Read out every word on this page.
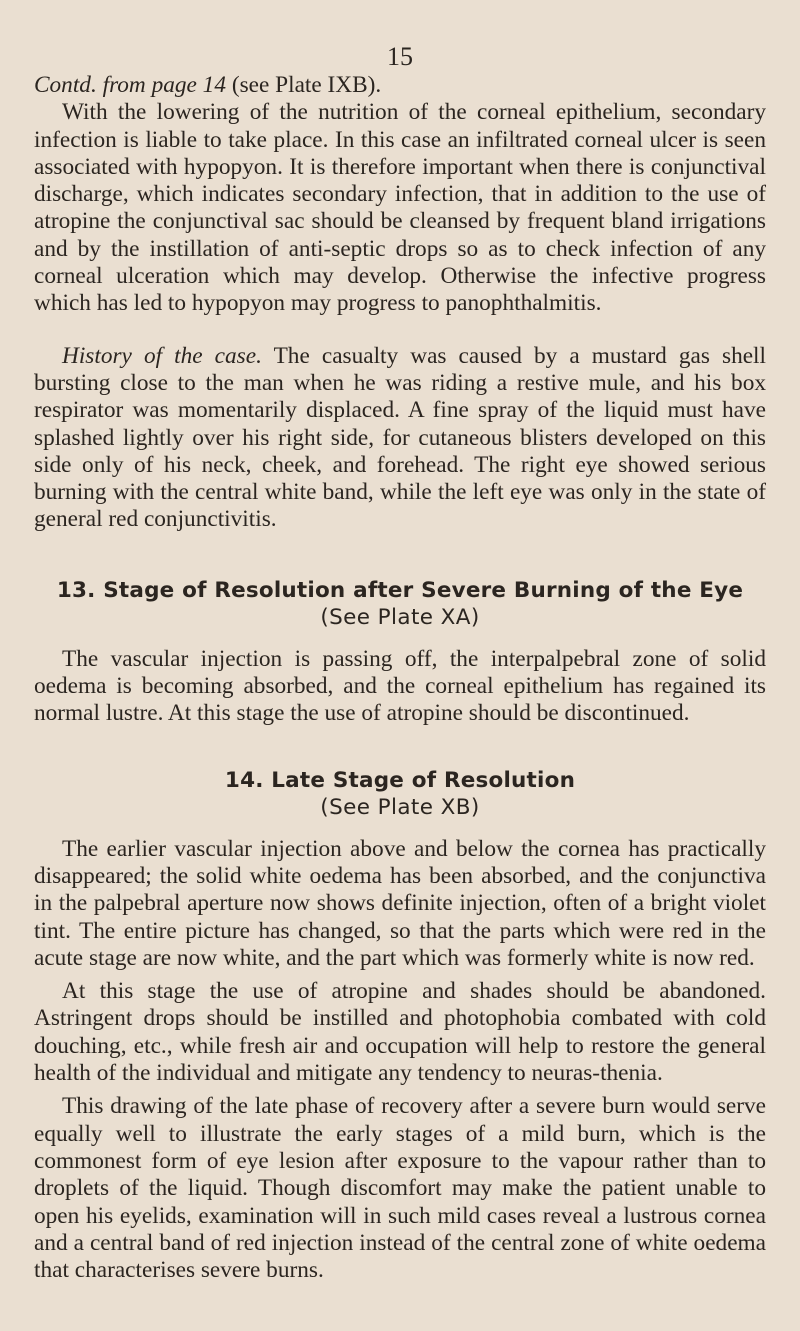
15

Contd. from page 14 (see Plate IXB).

With the lowering of the nutrition of the corneal epithelium, secondary infection is liable to take place. In this case an infiltrated corneal ulcer is seen associated with hypopyon. It is therefore important when there is conjunctival discharge, which indicates secondary infection, that in addition to the use of atropine the conjunctival sac should be cleansed by frequent bland irrigations and by the instillation of anti-septic drops so as to check infection of any corneal ulceration which may develop. Otherwise the infective progress which has led to hypopyon may progress to panophthalmitis.

History of the case. The casualty was caused by a mustard gas shell bursting close to the man when he was riding a restive mule, and his box respirator was momentarily displaced. A fine spray of the liquid must have splashed lightly over his right side, for cutaneous blisters developed on this side only of his neck, cheek, and forehead. The right eye showed serious burning with the central white band, while the left eye was only in the state of general red conjunctivitis.

13. Stage of Resolution after Severe Burning of the Eye
(See Plate XA)

The vascular injection is passing off, the interpalpebral zone of solid oedema is becoming absorbed, and the corneal epithelium has regained its normal lustre. At this stage the use of atropine should be discontinued.

14. Late Stage of Resolution
(See Plate XB)

The earlier vascular injection above and below the cornea has practically disappeared; the solid white oedema has been absorbed, and the conjunctiva in the palpebral aperture now shows definite injection, often of a bright violet tint. The entire picture has changed, so that the parts which were red in the acute stage are now white, and the part which was formerly white is now red.

At this stage the use of atropine and shades should be abandoned. Astringent drops should be instilled and photophobia combated with cold douching, etc., while fresh air and occupation will help to restore the general health of the individual and mitigate any tendency to neuras-thenia.

This drawing of the late phase of recovery after a severe burn would serve equally well to illustrate the early stages of a mild burn, which is the commonest form of eye lesion after exposure to the vapour rather than to droplets of the liquid. Though discomfort may make the patient unable to open his eyelids, examination will in such mild cases reveal a lustrous cornea and a central band of red injection instead of the central zone of white oedema that characterises severe burns.
